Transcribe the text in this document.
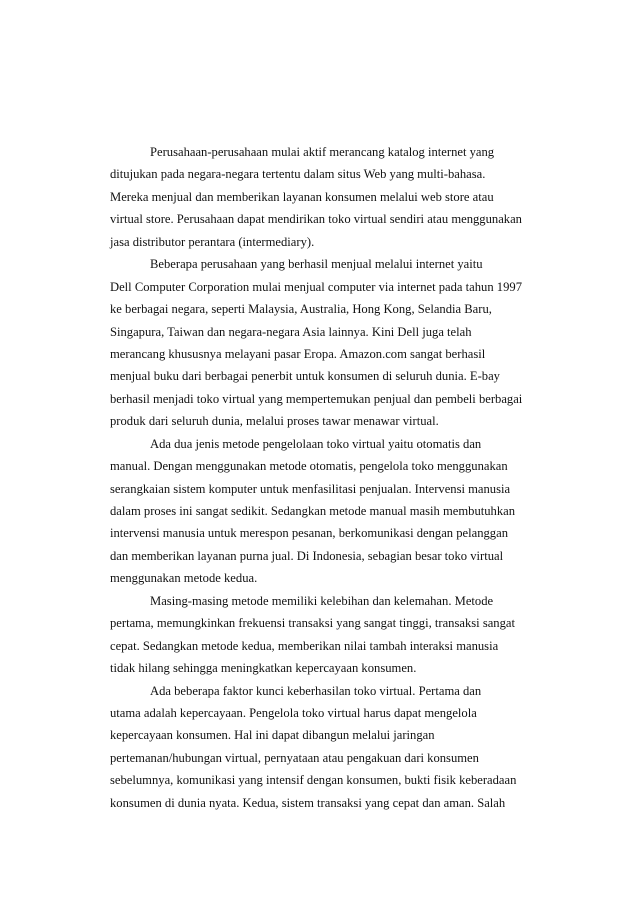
Perusahaan-perusahaan mulai aktif merancang katalog internet yang
ditujukan pada negara-negara tertentu dalam situs Web yang multi-bahasa.
Mereka menjual dan memberikan layanan konsumen melalui web store atau
virtual store. Perusahaan dapat mendirikan toko virtual sendiri atau menggunakan
jasa distributor perantara (intermediary).
Beberapa perusahaan yang berhasil menjual melalui internet yaitu
Dell Computer Corporation mulai menjual computer via internet pada tahun 1997
ke berbagai negara, seperti Malaysia, Australia, Hong Kong, Selandia Baru,
Singapura, Taiwan dan negara-negara Asia lainnya. Kini Dell juga telah
merancang khususnya melayani pasar Eropa. Amazon.com sangat berhasil
menjual buku dari berbagai penerbit untuk konsumen di seluruh dunia. E-bay
berhasil menjadi toko virtual yang mempertemukan penjual dan pembeli berbagai
produk dari seluruh dunia, melalui proses tawar menawar virtual.
Ada dua jenis metode pengelolaan toko virtual yaitu otomatis dan
manual. Dengan menggunakan metode otomatis, pengelola toko menggunakan
serangkaian sistem komputer untuk menfasilitasi penjualan. Intervensi manusia
dalam proses ini sangat sedikit. Sedangkan metode manual masih membutuhkan
intervensi manusia untuk merespon pesanan, berkomunikasi dengan pelanggan
dan memberikan layanan purna jual. Di Indonesia, sebagian besar toko virtual
menggunakan metode kedua.
Masing-masing metode memiliki kelebihan dan kelemahan. Metode
pertama, memungkinkan frekuensi transaksi yang sangat tinggi, transaksi sangat
cepat. Sedangkan metode kedua, memberikan nilai tambah interaksi manusia
tidak hilang sehingga meningkatkan kepercayaan konsumen.
Ada beberapa faktor kunci keberhasilan toko virtual. Pertama dan
utama adalah kepercayaan. Pengelola toko virtual harus dapat mengelola
kepercayaan konsumen. Hal ini dapat dibangun melalui jaringan
pertemanan/hubungan virtual, pernyataan atau pengakuan dari konsumen
sebelumnya, komunikasi yang intensif dengan konsumen, bukti fisik keberadaan
konsumen di dunia nyata. Kedua, sistem transaksi yang cepat dan aman. Salah
